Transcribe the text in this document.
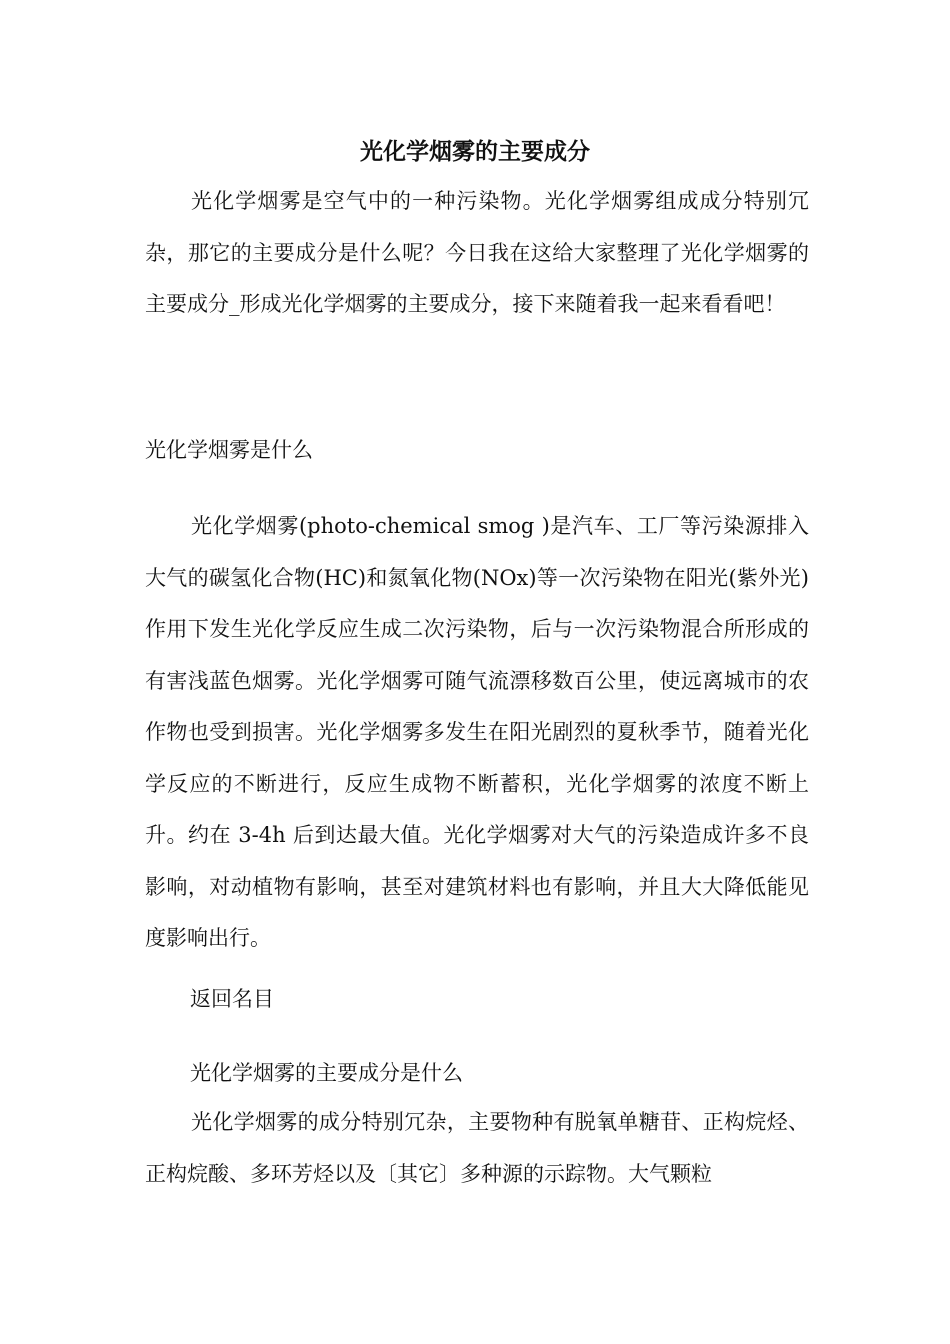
光化学烟雾的主要成分

光化学烟雾是空气中的一种污染物。光化学烟雾组成成分特别冗杂，那它的主要成分是什么呢？今日我在这给大家整理了光化学烟雾的主要成分_形成光化学烟雾的主要成分，接下来随着我一起来看看吧！

光化学烟雾是什么

光化学烟雾(photo-chemical smog )是汽车、工厂等污染源排入大气的碳氢化合物(HC)和氮氧化物(NOx)等一次污染物在阳光(紫外光)作用下发生光化学反应生成二次污染物，后与一次污染物混合所形成的有害浅蓝色烟雾。光化学烟雾可随气流漂移数百公里，使远离城市的农作物也受到损害。光化学烟雾多发生在阳光剧烈的夏秋季节，随着光化学反应的不断进行，反应生成物不断蓄积，光化学烟雾的浓度不断上升。约在 3-4h 后到达最大值。光化学烟雾对大气的污染造成许多不良影响，对动植物有影响，甚至对建筑材料也有影响，并且大大降低能见度影响出行。

返回名目
光化学烟雾的主要成分是什么

光化学烟雾的成分特别冗杂，主要物种有脱氧单糖苷、正构烷烃、正构烷酸、多环芳烃以及〔其它〕多种源的示踪物。大气颗粒
